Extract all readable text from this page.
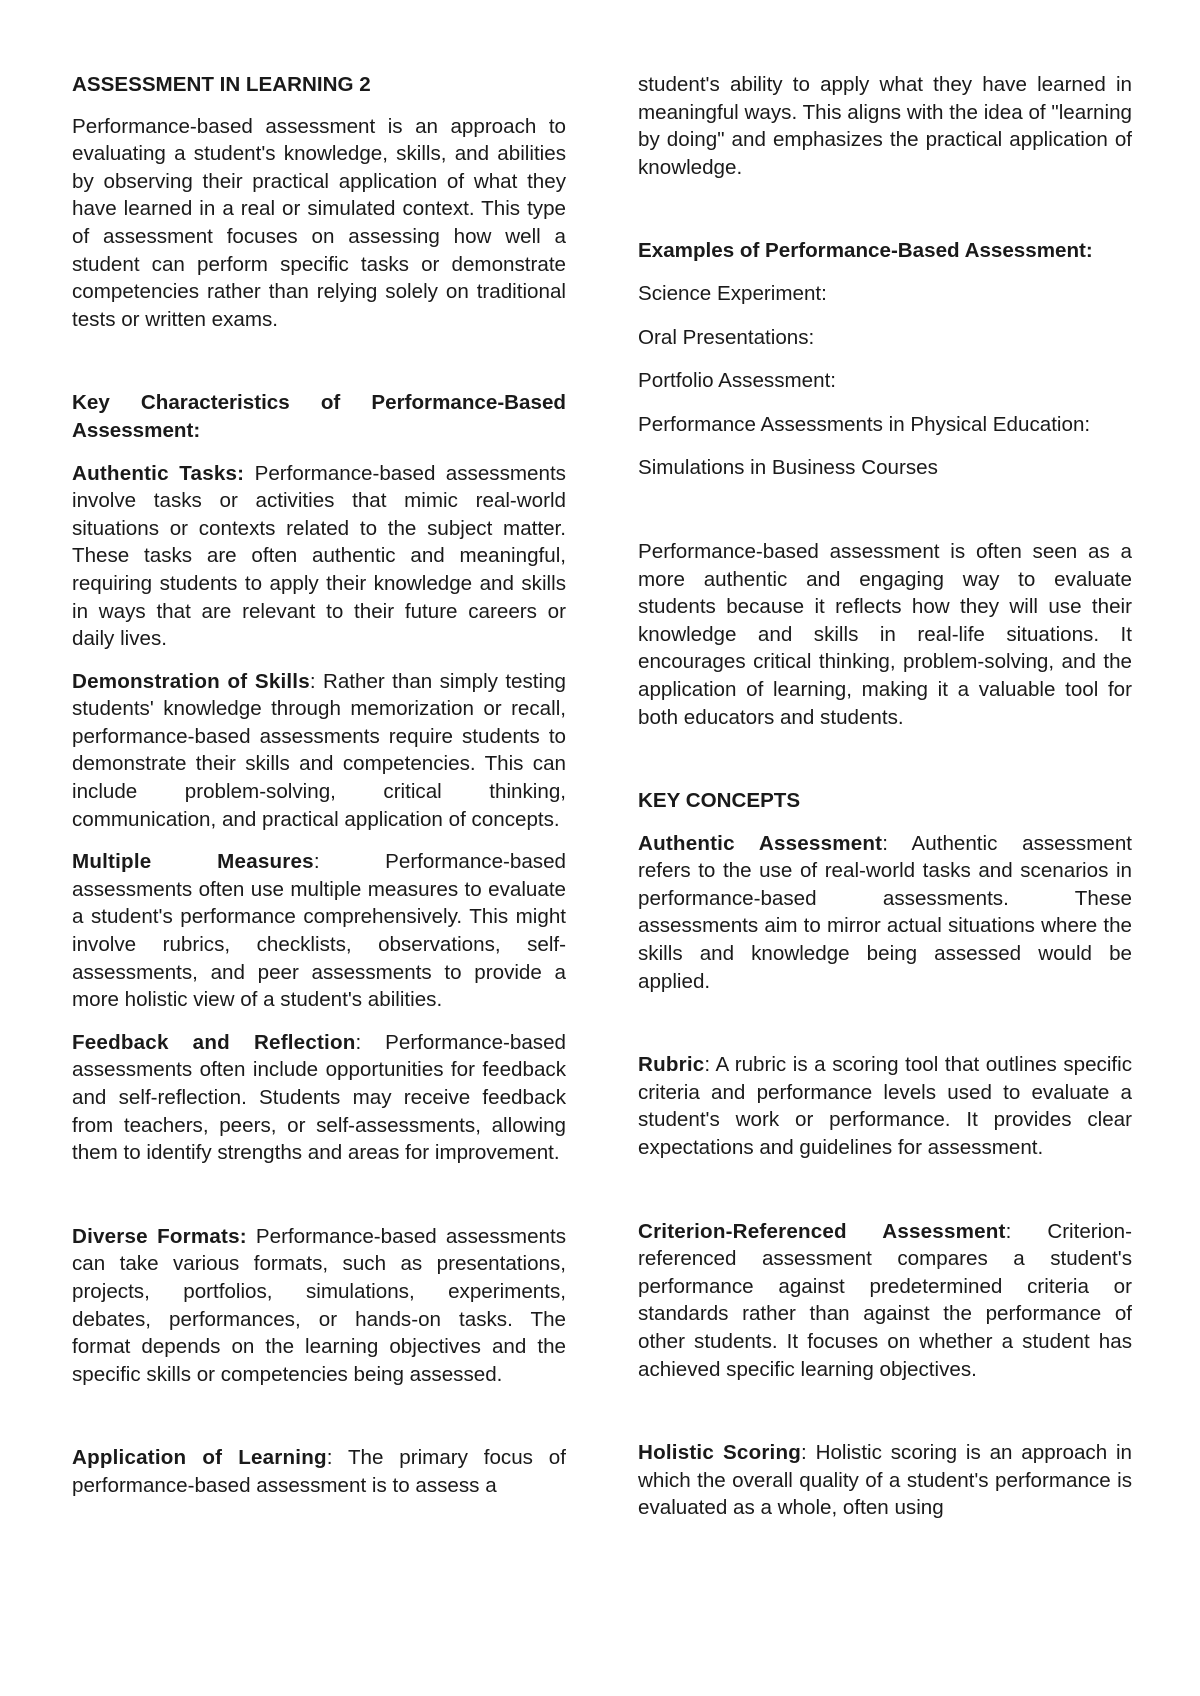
ASSESSMENT IN LEARNING 2

Performance-based assessment is an approach to evaluating a student's knowledge, skills, and abilities by observing their practical application of what they have learned in a real or simulated context. This type of assessment focuses on assessing how well a student can perform specific tasks or demonstrate competencies rather than relying solely on traditional tests or written exams.

Key Characteristics of Performance-Based Assessment:

Authentic Tasks: Performance-based assessments involve tasks or activities that mimic real-world situations or contexts related to the subject matter. These tasks are often authentic and meaningful, requiring students to apply their knowledge and skills in ways that are relevant to their future careers or daily lives.

Demonstration of Skills: Rather than simply testing students' knowledge through memorization or recall, performance-based assessments require students to demonstrate their skills and competencies. This can include problem-solving, critical thinking, communication, and practical application of concepts.

Multiple Measures: Performance-based assessments often use multiple measures to evaluate a student's performance comprehensively. This might involve rubrics, checklists, observations, self-assessments, and peer assessments to provide a more holistic view of a student's abilities.

Feedback and Reflection: Performance-based assessments often include opportunities for feedback and self-reflection. Students may receive feedback from teachers, peers, or self-assessments, allowing them to identify strengths and areas for improvement.

Diverse Formats: Performance-based assessments can take various formats, such as presentations, projects, portfolios, simulations, experiments, debates, performances, or hands-on tasks. The format depends on the learning objectives and the specific skills or competencies being assessed.

Application of Learning: The primary focus of performance-based assessment is to assess a

student's ability to apply what they have learned in meaningful ways. This aligns with the idea of "learning by doing" and emphasizes the practical application of knowledge.

Examples of Performance-Based Assessment:

Science Experiment:

Oral Presentations:

Portfolio Assessment:

Performance Assessments in Physical Education:

Simulations in Business Courses

Performance-based assessment is often seen as a more authentic and engaging way to evaluate students because it reflects how they will use their knowledge and skills in real-life situations. It encourages critical thinking, problem-solving, and the application of learning, making it a valuable tool for both educators and students.

KEY CONCEPTS

Authentic Assessment: Authentic assessment refers to the use of real-world tasks and scenarios in performance-based assessments. These assessments aim to mirror actual situations where the skills and knowledge being assessed would be applied.

Rubric: A rubric is a scoring tool that outlines specific criteria and performance levels used to evaluate a student's work or performance. It provides clear expectations and guidelines for assessment.

Criterion-Referenced Assessment: Criterion-referenced assessment compares a student's performance against predetermined criteria or standards rather than against the performance of other students. It focuses on whether a student has achieved specific learning objectives.

Holistic Scoring: Holistic scoring is an approach in which the overall quality of a student's performance is evaluated as a whole, often using
